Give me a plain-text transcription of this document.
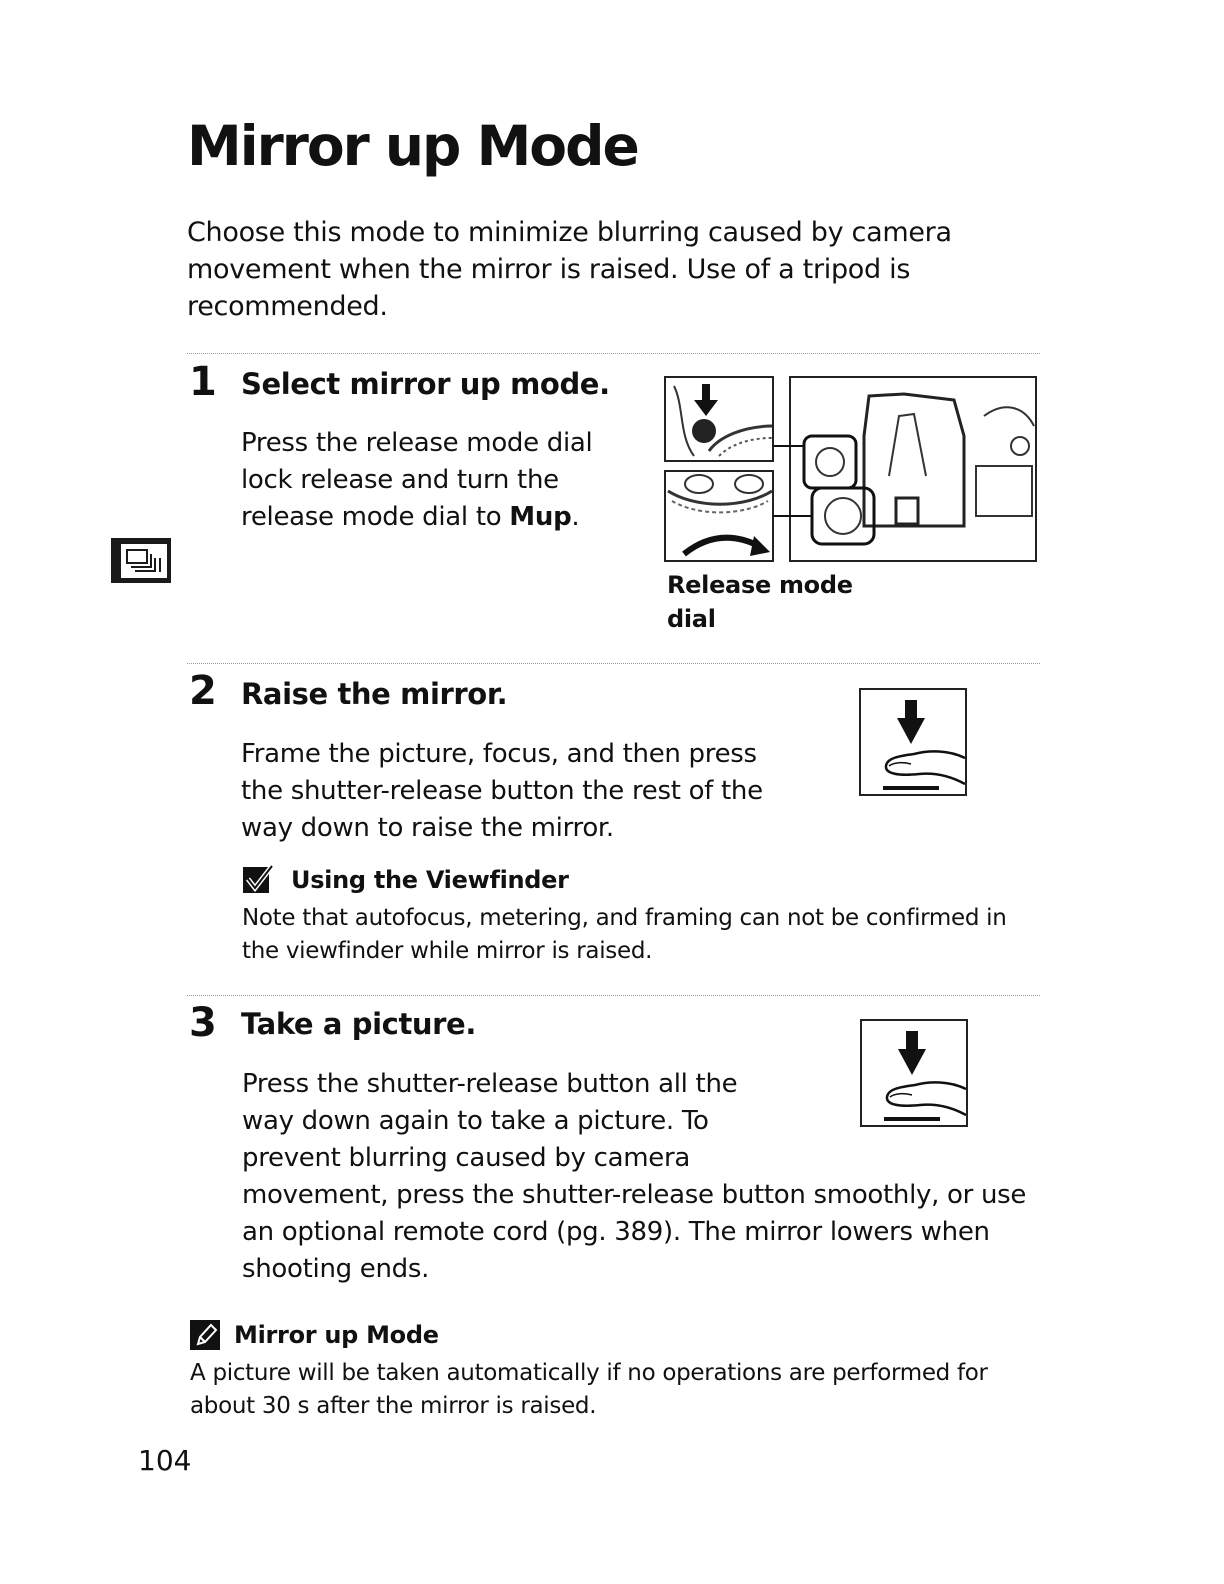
Mirror up Mode

Choose this mode to minimize blurring caused by camera movement when the mirror is raised. Use of a tripod is recommended.

1 Select mirror up mode.

Press the release mode dial

lock release and turn the

release mode dial to Mup.

Release mode dial

2 Raise the mirror.

Frame the picture, focus, and then press the shutter-release button the rest of the way down to raise the mirror.

Using the Viewfinder

Note that autofocus, metering, and framing can not be confirmed in the viewfinder while mirror is raised.

3 Take a picture.

Press the shutter-release button all the

way down again to take a picture. To

prevent blurring caused by camera

movement, press the shutter-release button smoothly, or use an optional remote cord (pg. 389). The mirror lowers when shooting ends.

Mirror up Mode

A picture will be taken automatically if no operations are performed for about 30 s after the mirror is raised.

104
